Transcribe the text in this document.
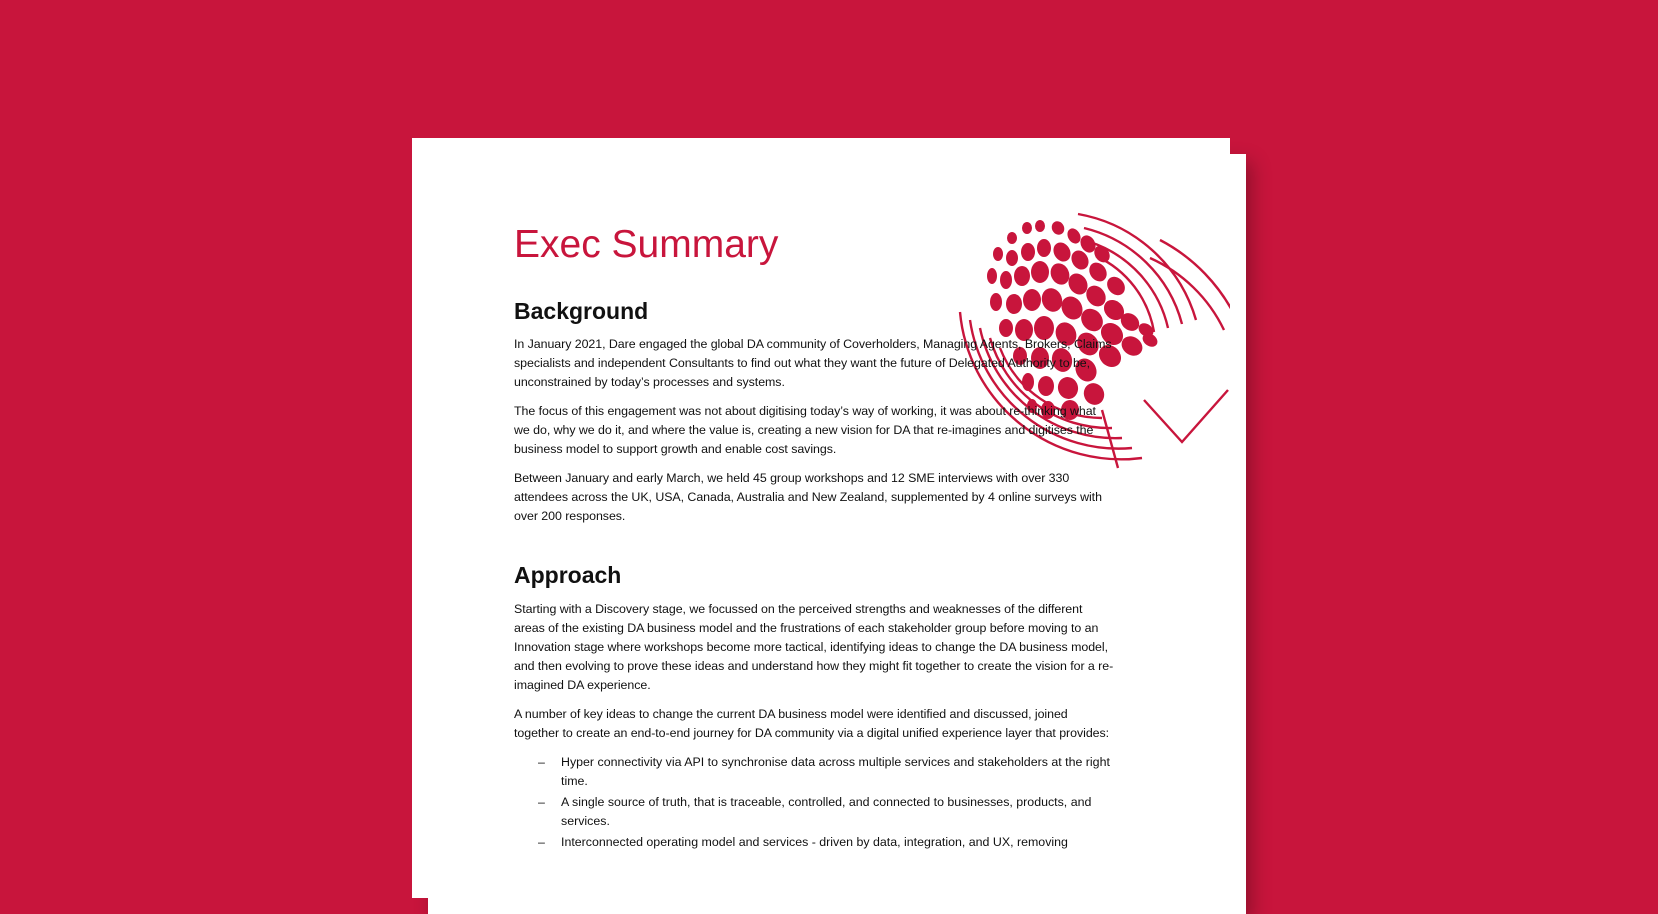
Exec Summary
Background

In January 2021, Dare engaged the global DA community of Coverholders, Managing Agents, Brokers, Claims specialists and independent Consultants to find out what they want the future of Delegated Authority to be, unconstrained by today’s processes and systems.

The focus of this engagement was not about digitising today’s way of working, it was about re-thinking what we do, why we do it, and where the value is, creating a new vision for DA that re-imagines and digitises the business model to support growth and enable cost savings.

Between January and early March, we held 45 group workshops and 12 SME interviews with over 330 attendees across the UK, USA, Canada, Australia and New Zealand, supplemented by 4 online surveys with over 200 responses.

Approach

Starting with a Discovery stage, we focussed on the perceived strengths and weaknesses of the different areas of the existing DA business model and the frustrations of each stakeholder group before moving to an Innovation stage where workshops become more tactical, identifying ideas to change the DA business model, and then evolving to prove these ideas and understand how they might fit together to create the vision for a re-imagined DA experience.

A number of key ideas to change the current DA business model were identified and discussed, joined together to create an end-to-end journey for DA community via a digital unified experience layer that provides:

– Hyper connectivity via API to synchronise data across multiple services and stakeholders at the right time.
– A single source of truth, that is traceable, controlled, and connected to businesses, products, and services.
– Interconnected operating model and services - driven by data, integration, and UX, removing
